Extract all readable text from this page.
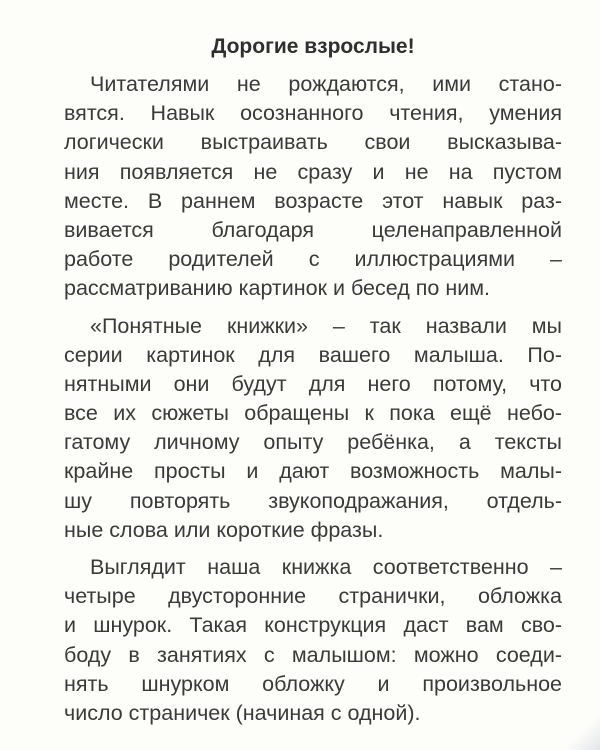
Дорогие взрослые!
Читателями не рождаются, ими стано-
вятся. Навык осознанного чтения, умения
логически выстраивать свои высказыва-
ния появляется не сразу и не на пустом
месте. В раннем возрасте этот навык раз-
вивается благодаря целенаправленной
работе родителей с иллюстрациями –
рассматриванию картинок и бесед по ним.
«Понятные книжки» – так назвали мы
серии картинок для вашего малыша. По-
нятными они будут для него потому, что
все их сюжеты обращены к пока ещё небо-
гатому личному опыту ребёнка, а тексты
крайне просты и дают возможность малы-
шу повторять звукоподражания, отдель-
ные слова или короткие фразы.
Выглядит наша книжка соответственно –
четыре двусторонние странички, обложка
и шнурок. Такая конструкция даст вам сво-
боду в занятиях с малышом: можно соеди-
нять шнурком обложку и произвольное
число страничек (начиная с одной).
